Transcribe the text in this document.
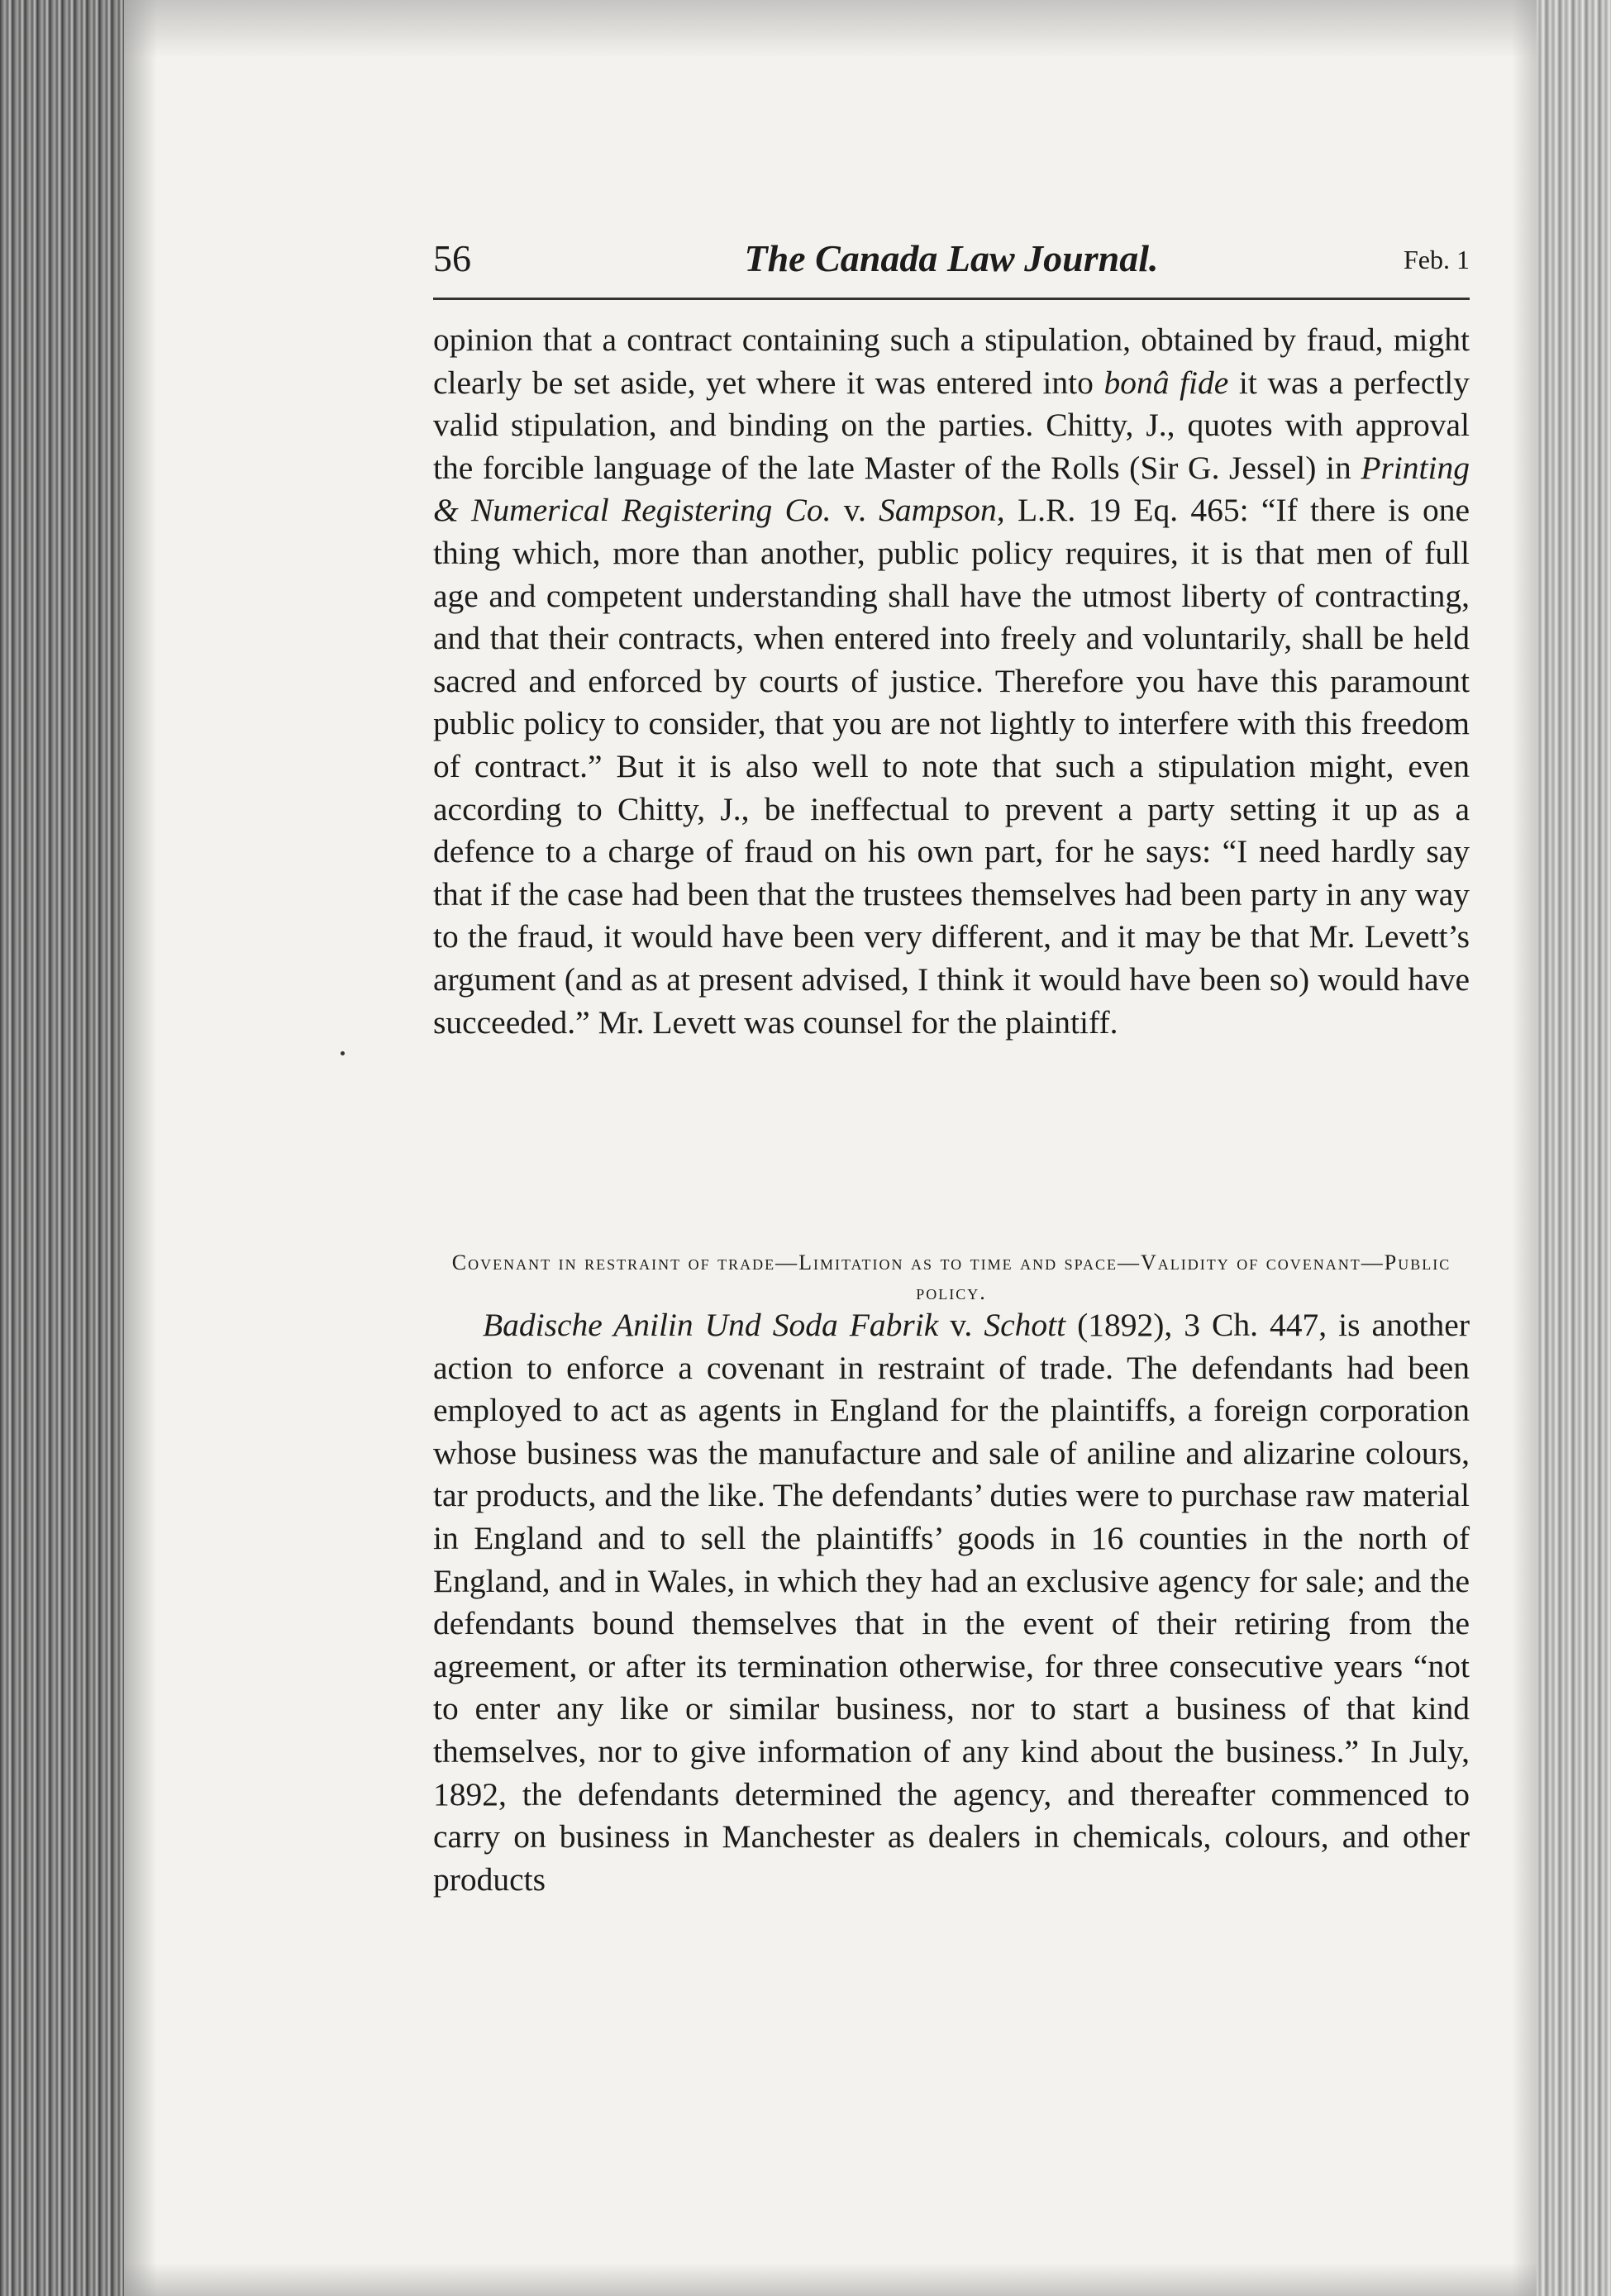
56	The Canada Law Journal.	Feb. 1

opinion that a contract containing such a stipulation, obtained by fraud, might clearly be set aside, yet where it was entered into bonâ fide it was a perfectly valid stipulation, and binding on the parties. Chitty, J., quotes with approval the forcible language of the late Master of the Rolls (Sir G. Jessel) in Printing & Numerical Registering Co. v. Sampson, L.R. 19 Eq. 465: “If there is one thing which, more than another, public policy requires, it is that men of full age and competent understanding shall have the utmost liberty of contracting, and that their contracts, when entered into freely and voluntarily, shall be held sacred and enforced by courts of justice. Therefore you have this paramount public policy to consider, that you are not lightly to interfere with this freedom of contract.” But it is also well to note that such a stipulation might, even according to Chitty, J., be ineffectual to prevent a party setting it up as a defence to a charge of fraud on his own part, for he says: “I need hardly say that if the case had been that the trustees themselves had been party in any way to the fraud, it would have been very different, and it may be that Mr. Levett’s argument (and as at present advised, I think it would have been so) would have succeeded.” Mr. Levett was counsel for the plaintiff.

Covenant in restraint of trade—Limitation as to time and space—Validity of covenant—Public policy.

Badische Anilin Und Soda Fabrik v. Schott (1892), 3 Ch. 447, is another action to enforce a covenant in restraint of trade. The defendants had been employed to act as agents in England for the plaintiffs, a foreign corporation whose business was the manufacture and sale of aniline and alizarine colours, tar products, and the like. The defendants’ duties were to purchase raw material in England and to sell the plaintiffs’ goods in 16 counties in the north of England, and in Wales, in which they had an exclusive agency for sale; and the defendants bound themselves that in the event of their retiring from the agreement, or after its termination otherwise, for three consecutive years “not to enter any like or similar business, nor to start a business of that kind themselves, nor to give information of any kind about the business.” In July, 1892, the defendants determined the agency, and thereafter commenced to carry on business in Manchester as dealers in chemicals, colours, and other products
